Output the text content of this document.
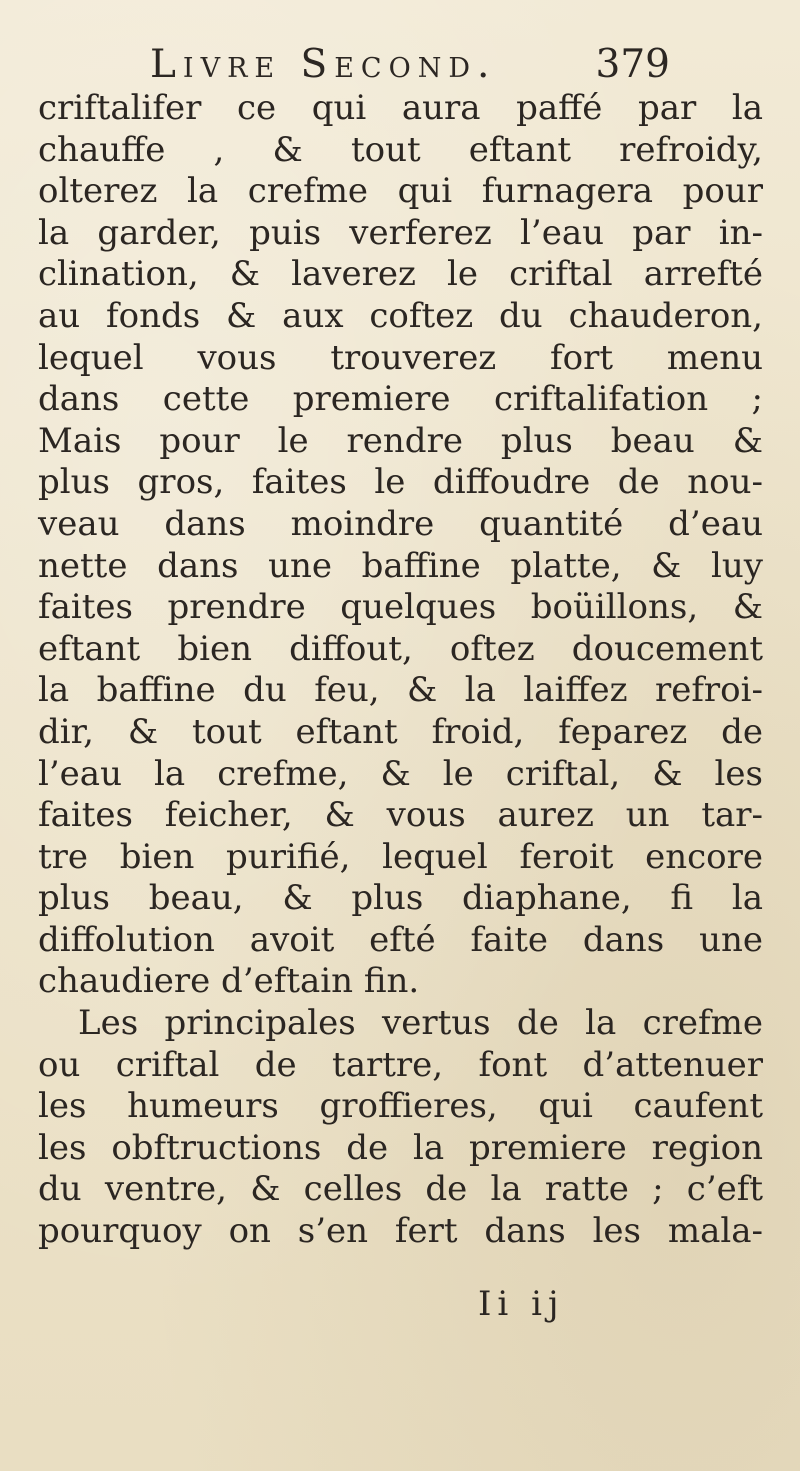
Livre Second.	379
criftalifer ce qui aura paffé par la
chauffe , & tout eftant refroidy,
olterez la crefme qui furnagera pour
la garder, puis verferez l’eau par in-
clination, & laverez le criftal arrefté
au fonds & aux coftez du chauderon,
lequel vous trouverez fort menu
dans cette premiere criftalifation ;
Mais pour le rendre plus beau &
plus gros, faites le diffoudre de nou-
veau dans moindre quantité d’eau
nette dans une baffine platte, & luy
faites prendre quelques boüillons, &
eftant bien diffout, oftez doucement
la baffine du feu, & la laiffez refroi-
dir, & tout eftant froid, feparez de
l’eau la crefme, & le criftal, & les
faites feicher, & vous aurez un tar-
tre bien purifié, lequel feroit encore
plus beau, & plus diaphane, fi la
diffolution avoit efté faite dans une
chaudiere d’eftain fin.
Les principales vertus de la crefme
ou criftal de tartre, font d’attenuer
les humeurs groffieres, qui caufent
les obftructions de la premiere region
du ventre, & celles de la ratte ; c’eft
pourquoy on s’en fert dans les mala-
Ii ij
